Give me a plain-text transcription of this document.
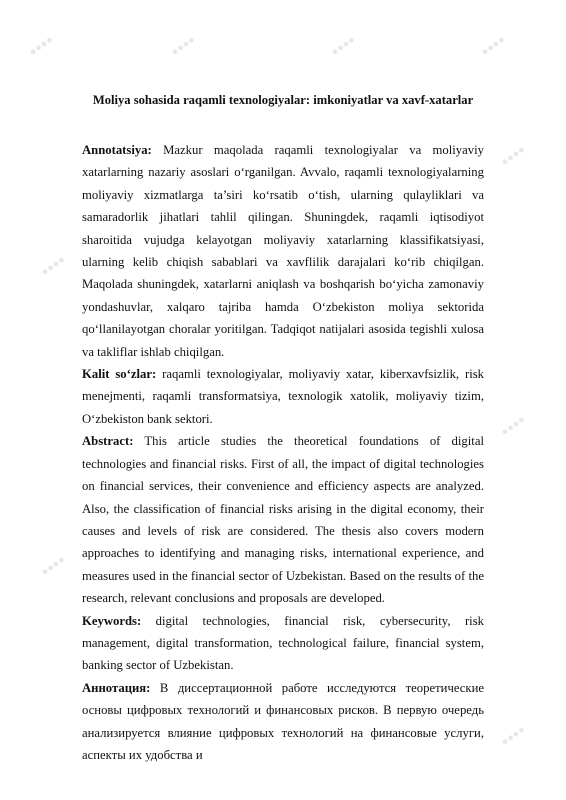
Moliya sohasida raqamli texnologiyalar: imkoniyatlar va xavf-xatarlar

Annotatsiya: Mazkur maqolada raqamli texnologiyalar va moliyaviy xatarlarning nazariy asoslari o‘rganilgan. Avvalo, raqamli texnologiyalarning moliyaviy xizmatlarga ta’siri ko‘rsatib o‘tish, ularning qulayliklari va samaradorlik jihatlari tahlil qilingan. Shuningdek, raqamli iqtisodiyot sharoitida vujudga kelayotgan moliyaviy xatarlarning klassifikatsiyasi, ularning kelib chiqish sabablari va xavflilik darajalari ko‘rib chiqilgan. Maqolada shuningdek, xatarlarni aniqlash va boshqarish bo‘yicha zamonaviy yondashuvlar, xalqaro tajriba hamda O‘zbekiston moliya sektorida qo‘llanilayotgan choralar yoritilgan. Tadqiqot natijalari asosida tegishli xulosa va takliflar ishlab chiqilgan.

Kalit so‘zlar: raqamli texnologiyalar, moliyaviy xatar, kiberxavfsizlik, risk menejmenti, raqamli transformatsiya, texnologik xatolik, moliyaviy tizim, O‘zbekiston bank sektori.

Abstract: This article studies the theoretical foundations of digital technologies and financial risks. First of all, the impact of digital technologies on financial services, their convenience and efficiency aspects are analyzed. Also, the classification of financial risks arising in the digital economy, their causes and levels of risk are considered. The thesis also covers modern approaches to identifying and managing risks, international experience, and measures used in the financial sector of Uzbekistan. Based on the results of the research, relevant conclusions and proposals are developed.

Keywords: digital technologies, financial risk, cybersecurity, risk management, digital transformation, technological failure, financial system, banking sector of Uzbekistan.

Аннотация: В диссертационной работе исследуются теоретические основы цифровых технологий и финансовых рисков. В первую очередь анализируется влияние цифровых технологий на финансовые услуги, аспекты их удобства и

●●●●	●●●●	●●●●	●●●●
●●●●
●●●●
●●●●
●●●●
●●●●
